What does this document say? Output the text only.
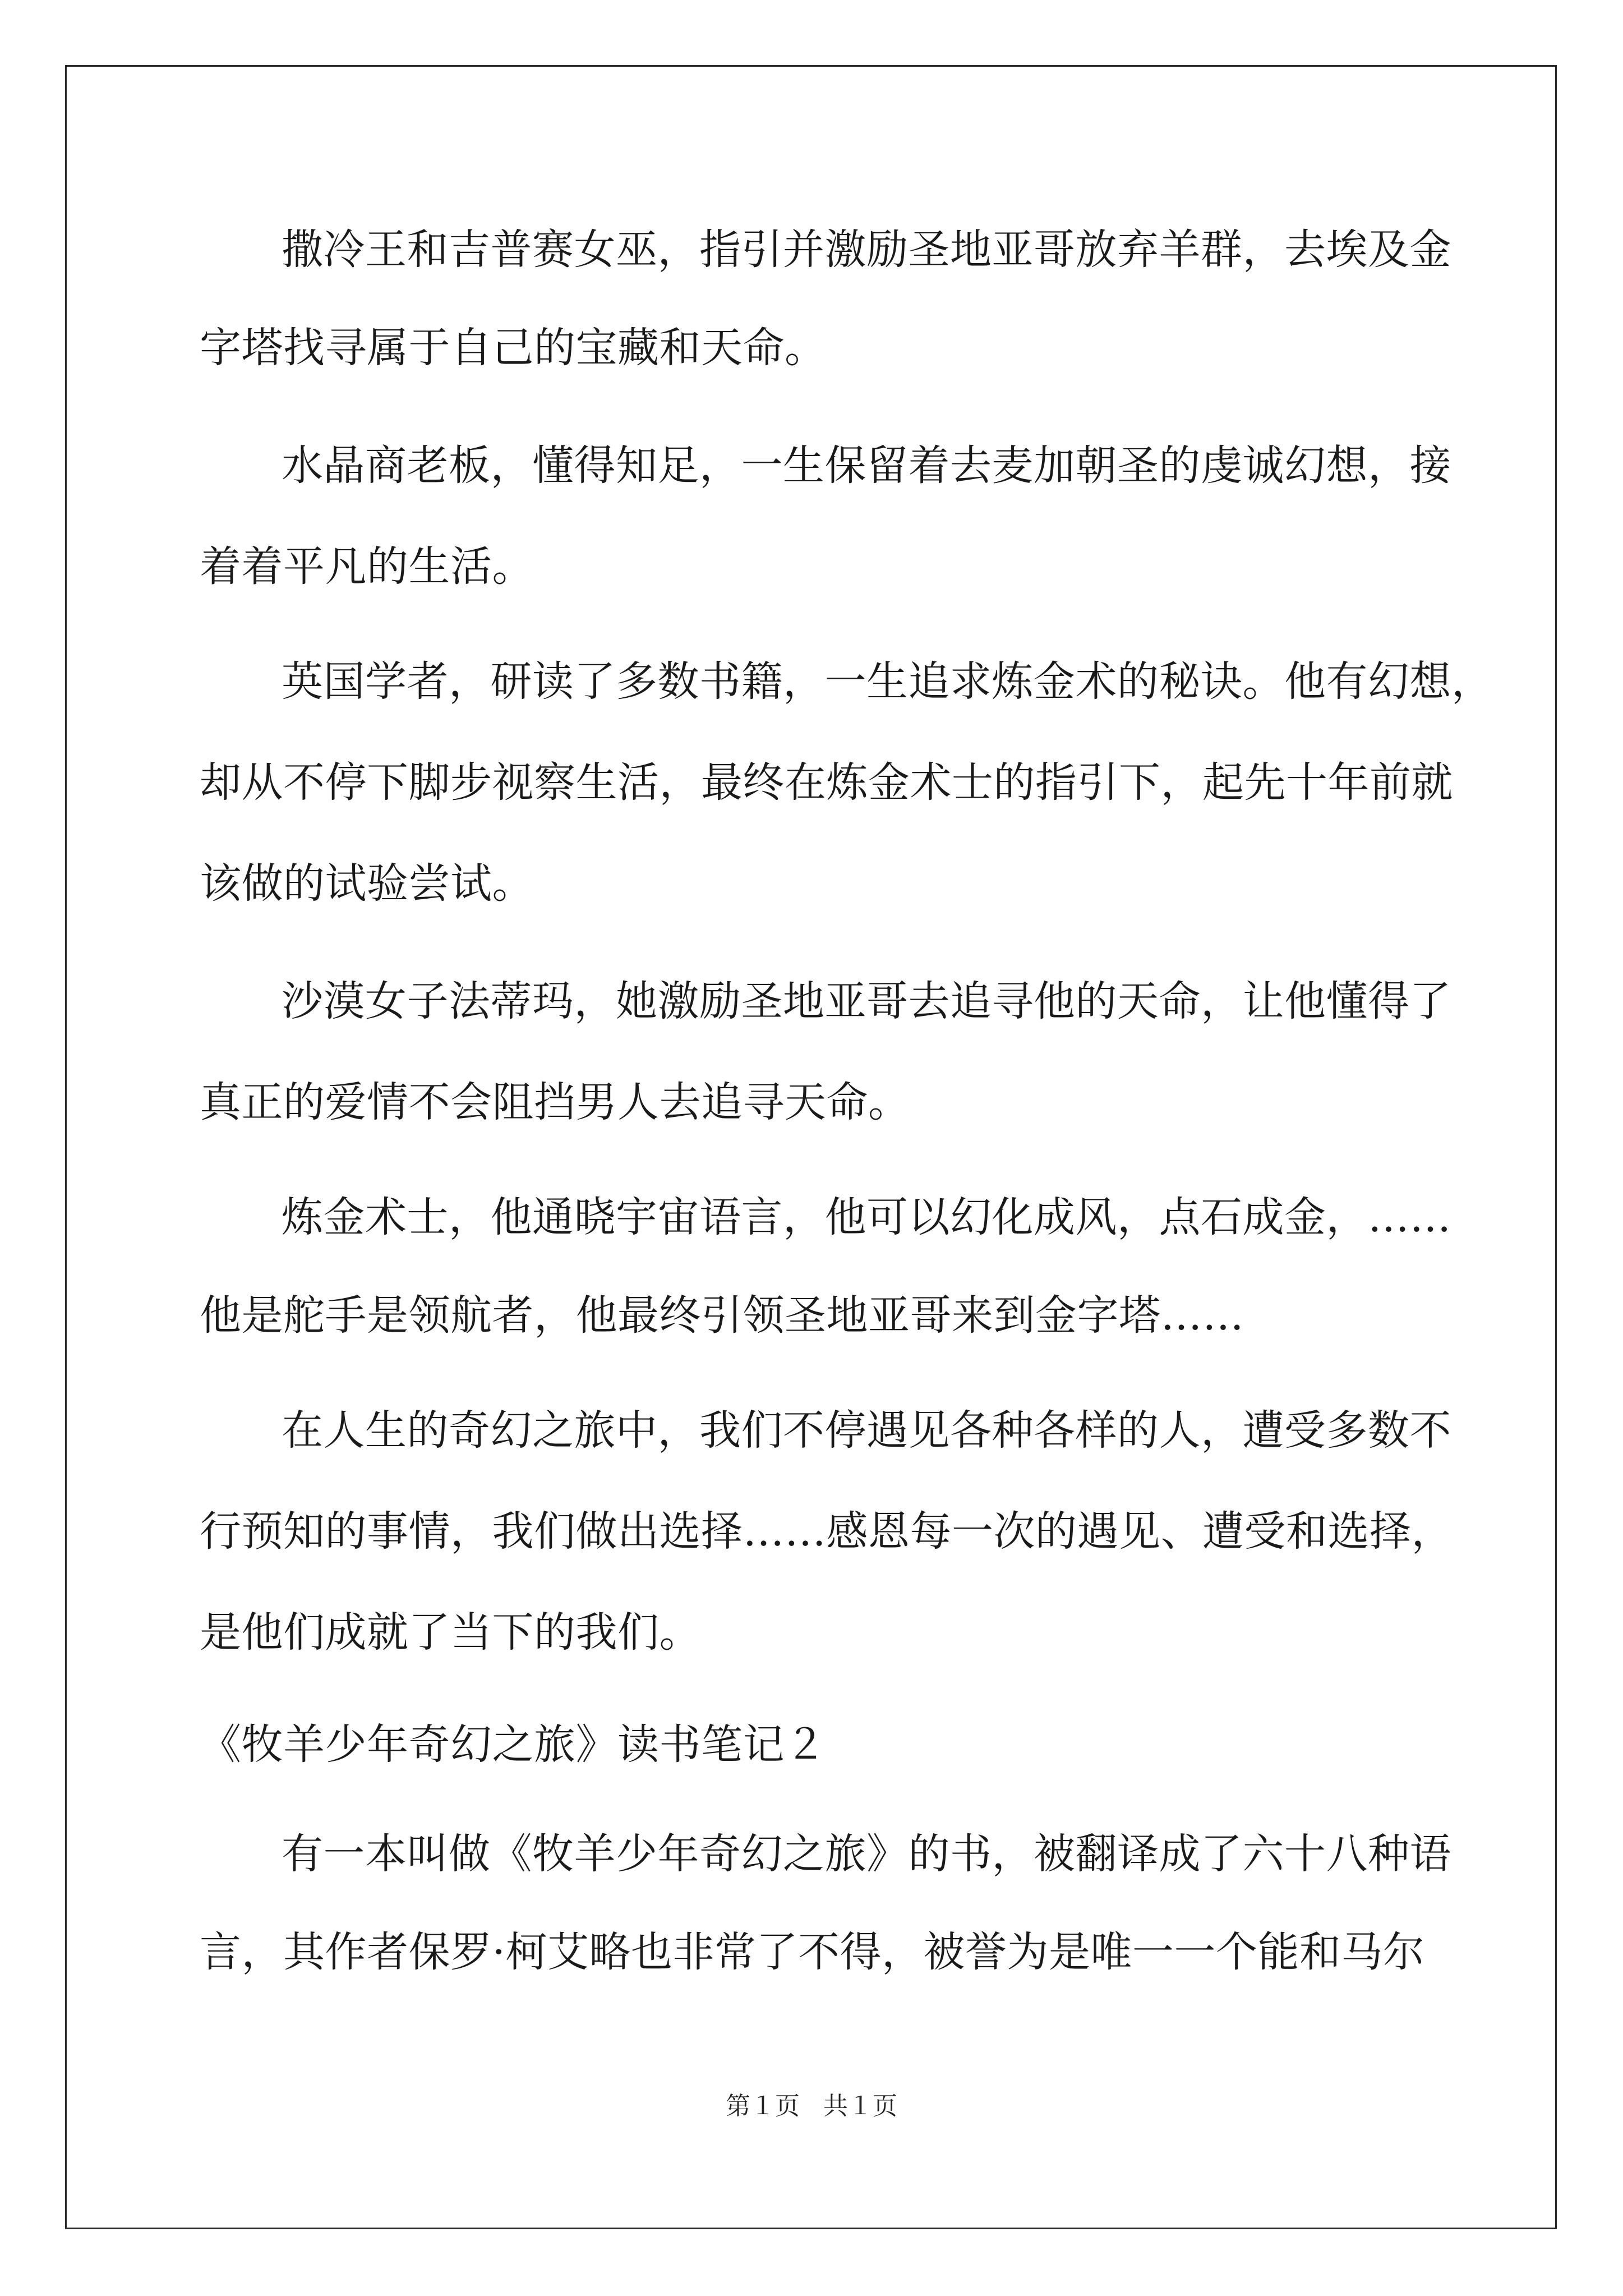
撒冷王和吉普赛女巫，指引并激励圣地亚哥放弃羊群，去埃及金
字塔找寻属于自己的宝藏和天命。
水晶商老板，懂得知足，一生保留着去麦加朝圣的虔诚幻想，接
着着平凡的生活。
英国学者，研读了多数书籍，一生追求炼金术的秘诀。他有幻想，
却从不停下脚步视察生活，最终在炼金术士的指引下，起先十年前就
该做的试验尝试。
沙漠女子法蒂玛，她激励圣地亚哥去追寻他的天命，让他懂得了
真正的爱情不会阻挡男人去追寻天命。
炼金术士，他通晓宇宙语言，他可以幻化成风，点石成金，……
他是舵手是领航者，他最终引领圣地亚哥来到金字塔……
在人生的奇幻之旅中，我们不停遇见各种各样的人，遭受多数不
行预知的事情，我们做出选择……感恩每一次的遇见、遭受和选择，
是他们成就了当下的我们。
《牧羊少年奇幻之旅》读书笔记２
有一本叫做《牧羊少年奇幻之旅》的书，被翻译成了六十八种语
言，其作者保罗·柯艾略也非常了不得，被誉为是唯一一个能和马尔
第１页 共１页
